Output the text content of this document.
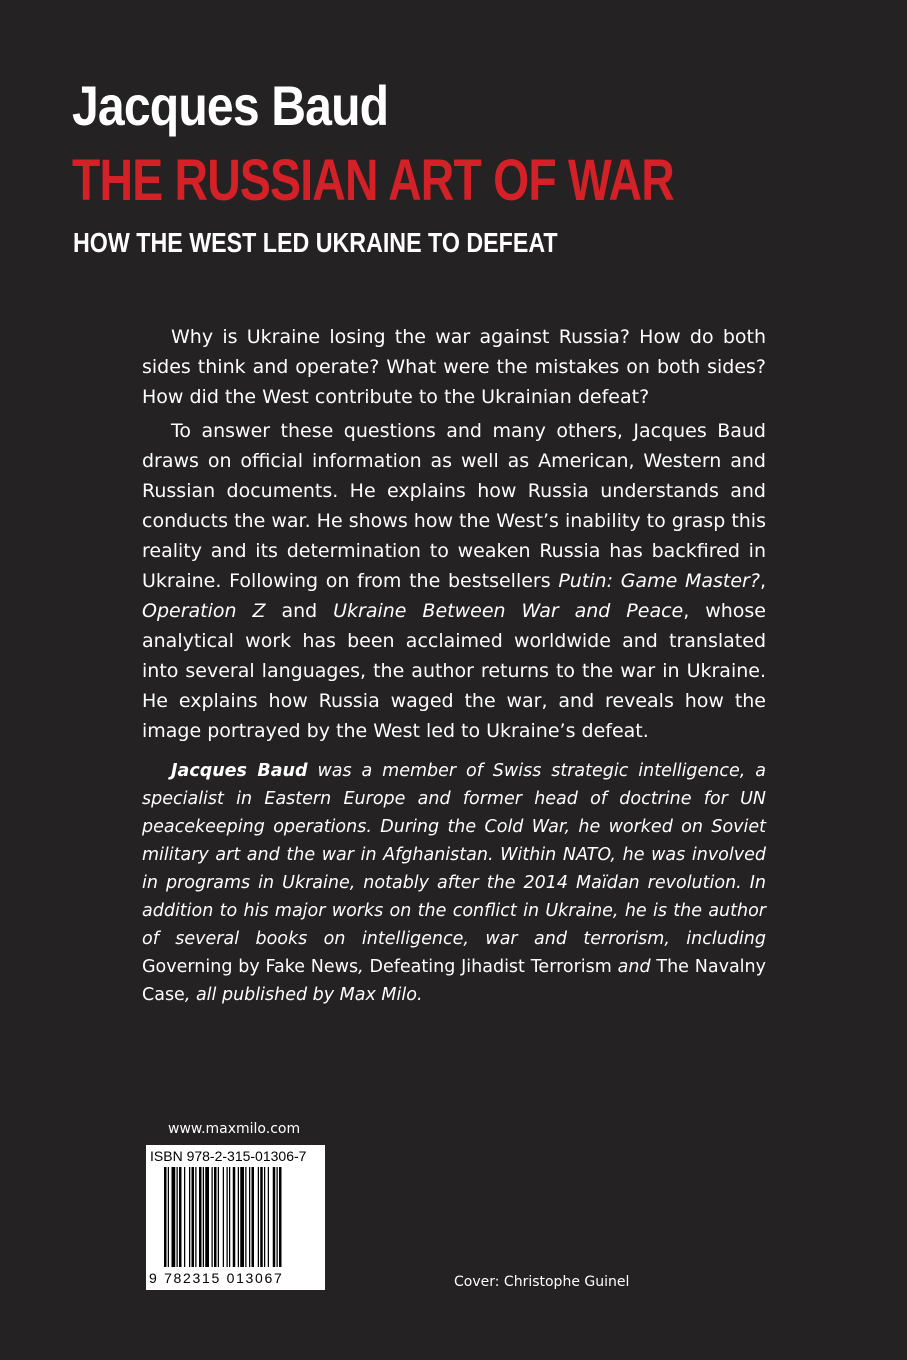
Jacques Baud
THE RUSSIAN ART OF WAR
HOW THE WEST LED UKRAINE TO DEFEAT

Why is Ukraine losing the war against Russia? How do both sides think and operate? What were the mistakes on both sides? How did the West contribute to the Ukrainian defeat?

To answer these questions and many others, Jacques Baud draws on official information as well as American, Western and Russian documents. He explains how Russia understands and conducts the war. He shows how the West’s inability to grasp this reality and its determination to weaken Russia has backfired in Ukraine. Following on from the bestsellers Putin: Game Master?, Operation Z and Ukraine Between War and Peace, whose analytical work has been acclaimed worldwide and translated into several languages, the author returns to the war in Ukraine. He explains how Russia waged the war, and reveals how the image portrayed by the West led to Ukraine’s defeat.

Jacques Baud was a member of Swiss strategic intelligence, a specialist in Eastern Europe and former head of doctrine for UN peacekeeping operations. During the Cold War, he worked on Soviet military art and the war in Afghanistan. Within NATO, he was involved in programs in Ukraine, notably after the 2014 Maïdan revolution. In addition to his major works on the conflict in Ukraine, he is the author of several books on intelligence, war and terrorism, including Governing by Fake News, Defeating Jihadist Terrorism and The Navalny Case, all published by Max Milo.

www.maxmilo.com
ISBN 978-2-315-01306-7
9 782315 013067	Cover: Christophe Guinel
